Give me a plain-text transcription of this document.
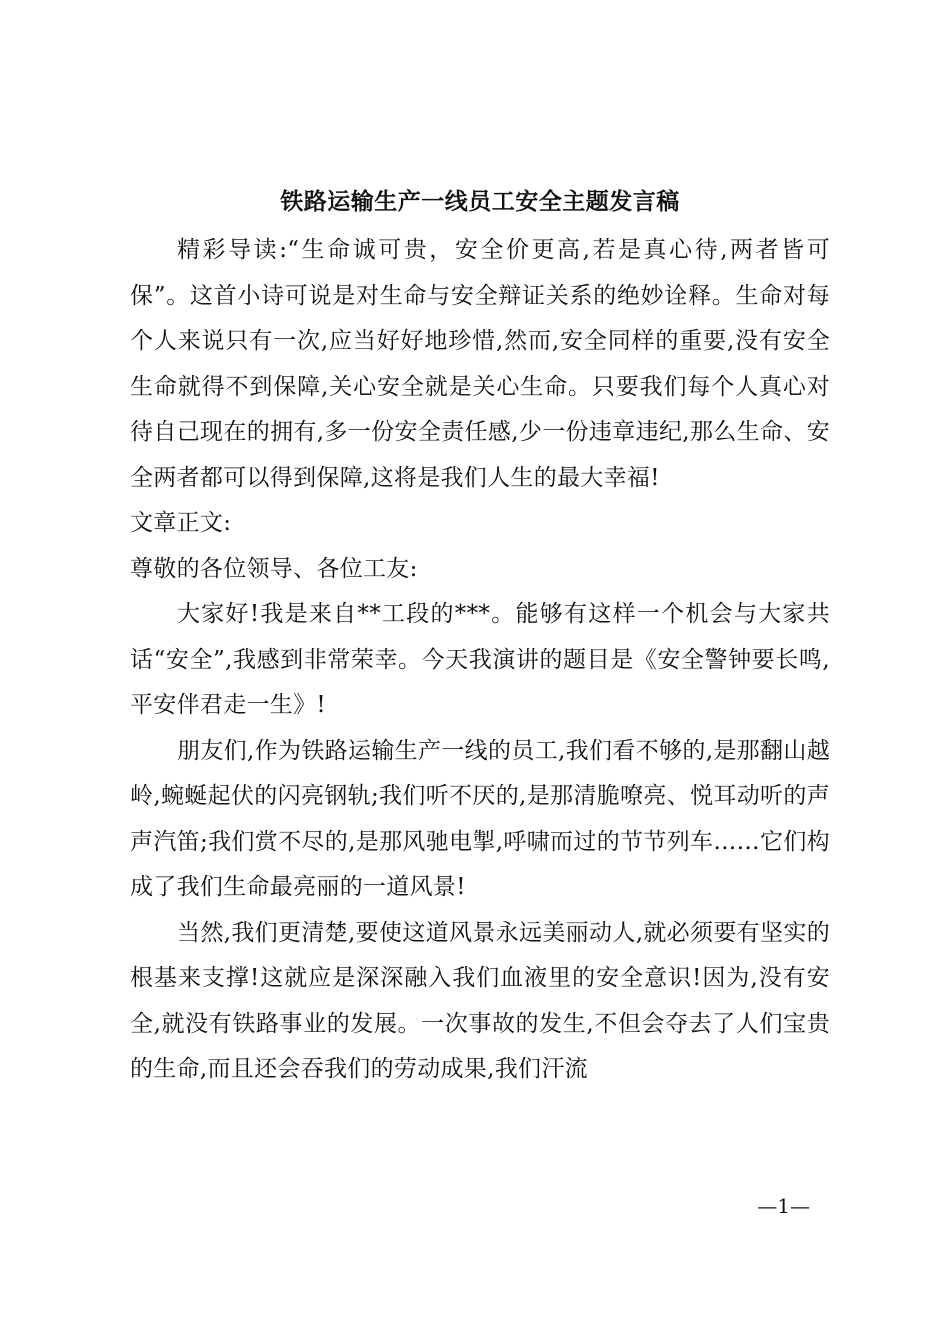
铁路运输生产一线员工安全主题发言稿

精彩导读:“生命诚可贵，安全价更高,若是真心待,两者皆可保”。这首小诗可说是对生命与安全辩证关系的绝妙诠释。生命对每个人来说只有一次,应当好好地珍惜,然而,安全同样的重要,没有安全生命就得不到保障,关心安全就是关心生命。只要我们每个人真心对待自己现在的拥有,多一份安全责任感,少一份违章违纪,那么生命、安全两者都可以得到保障,这将是我们人生的最大幸福!

文章正文:

尊敬的各位领导、各位工友:

大家好!我是来自**工段的***。能够有这样一个机会与大家共话“安全”,我感到非常荣幸。今天我演讲的题目是《安全警钟要长鸣,平安伴君走一生》!

朋友们,作为铁路运输生产一线的员工,我们看不够的,是那翻山越岭,蜿蜒起伏的闪亮钢轨;我们听不厌的,是那清脆嘹亮、悦耳动听的声声汽笛;我们赏不尽的,是那风驰电掣,呼啸而过的节节列车……它们构成了我们生命最亮丽的一道风景!

当然,我们更清楚,要使这道风景永远美丽动人,就必须要有坚实的根基来支撑!这就应是深深融入我们血液里的安全意识!因为,没有安全,就没有铁路事业的发展。一次事故的发生,不但会夺去了人们宝贵的生命,而且还会吞我们的劳动成果,我们汗流

—1—
